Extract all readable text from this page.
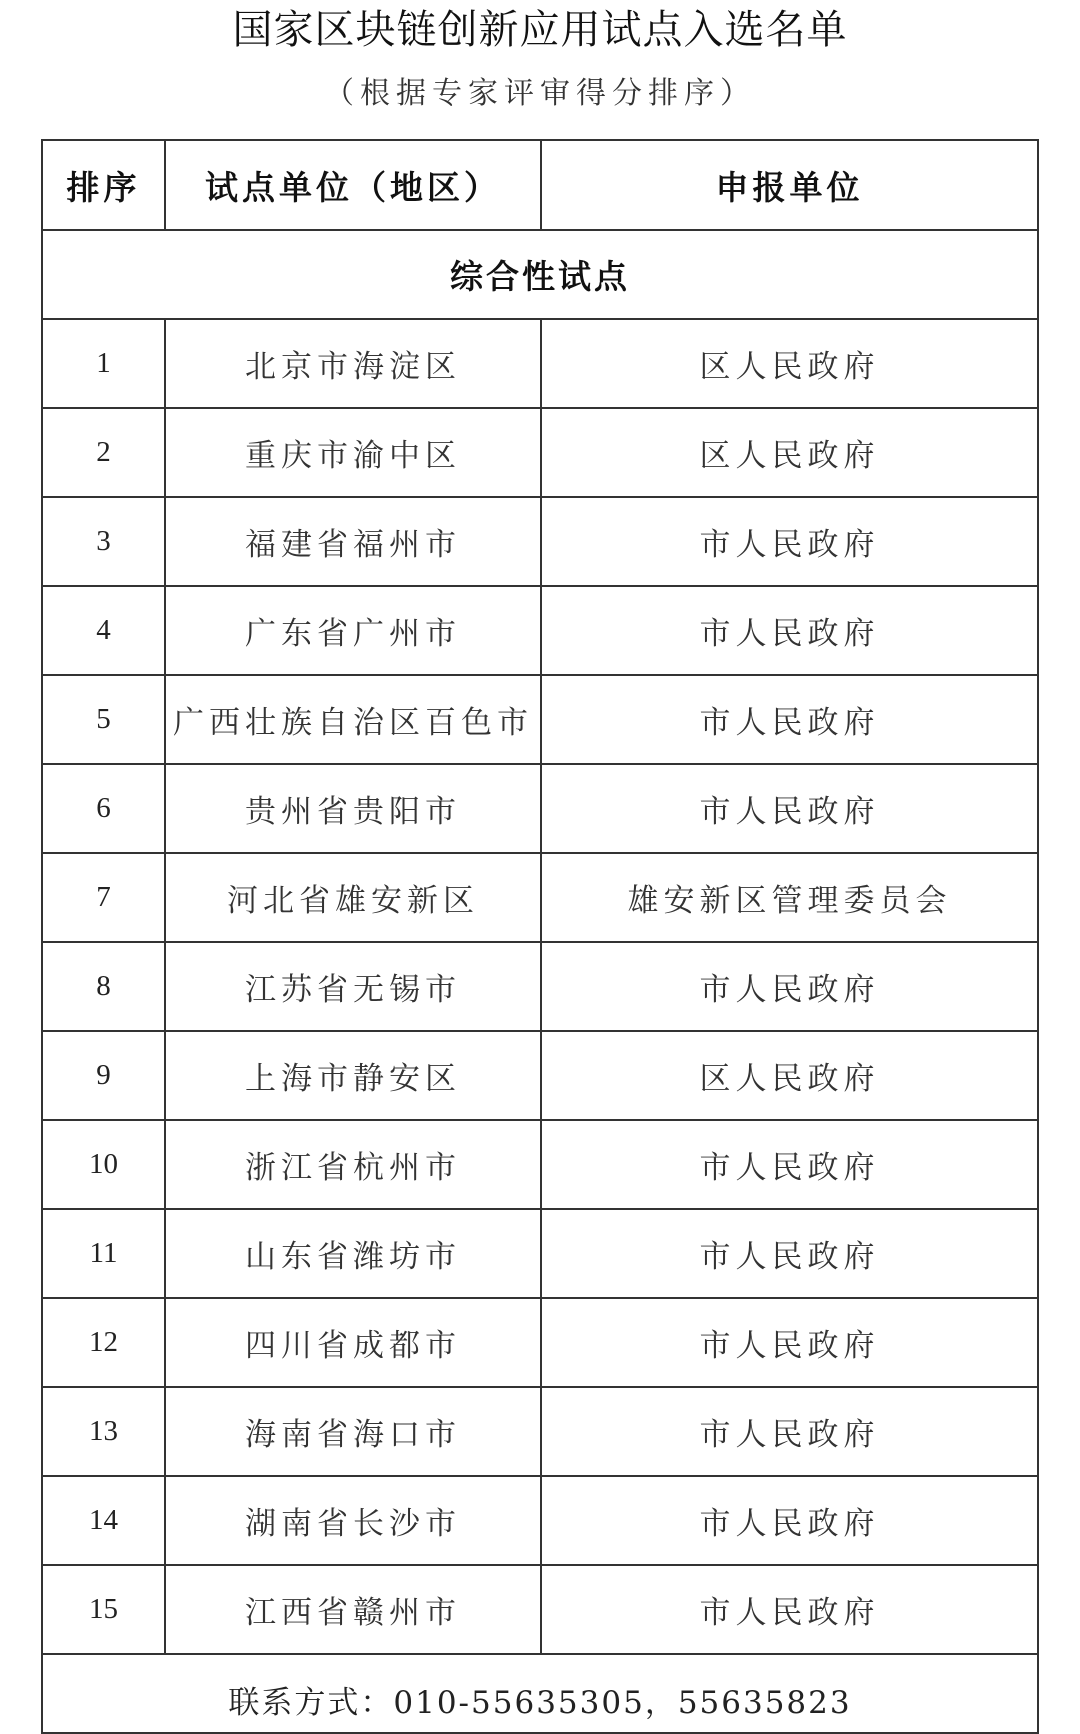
国家区块链创新应用试点入选名单
（根据专家评审得分排序）
排序	试点单位（地区）	申报单位
综合性试点		
1	北京市海淀区	区人民政府
2	重庆市渝中区	区人民政府
3	福建省福州市	市人民政府
4	广东省广州市	市人民政府
5	广西壮族自治区百色市	市人民政府
6	贵州省贵阳市	市人民政府
7	河北省雄安新区	雄安新区管理委员会
8	江苏省无锡市	市人民政府
9	上海市静安区	区人民政府
10	浙江省杭州市	市人民政府
11	山东省潍坊市	市人民政府
12	四川省成都市	市人民政府
13	海南省海口市	市人民政府
14	湖南省长沙市	市人民政府
15	江西省赣州市	市人民政府
联系方式：010-55635305，55635823		
